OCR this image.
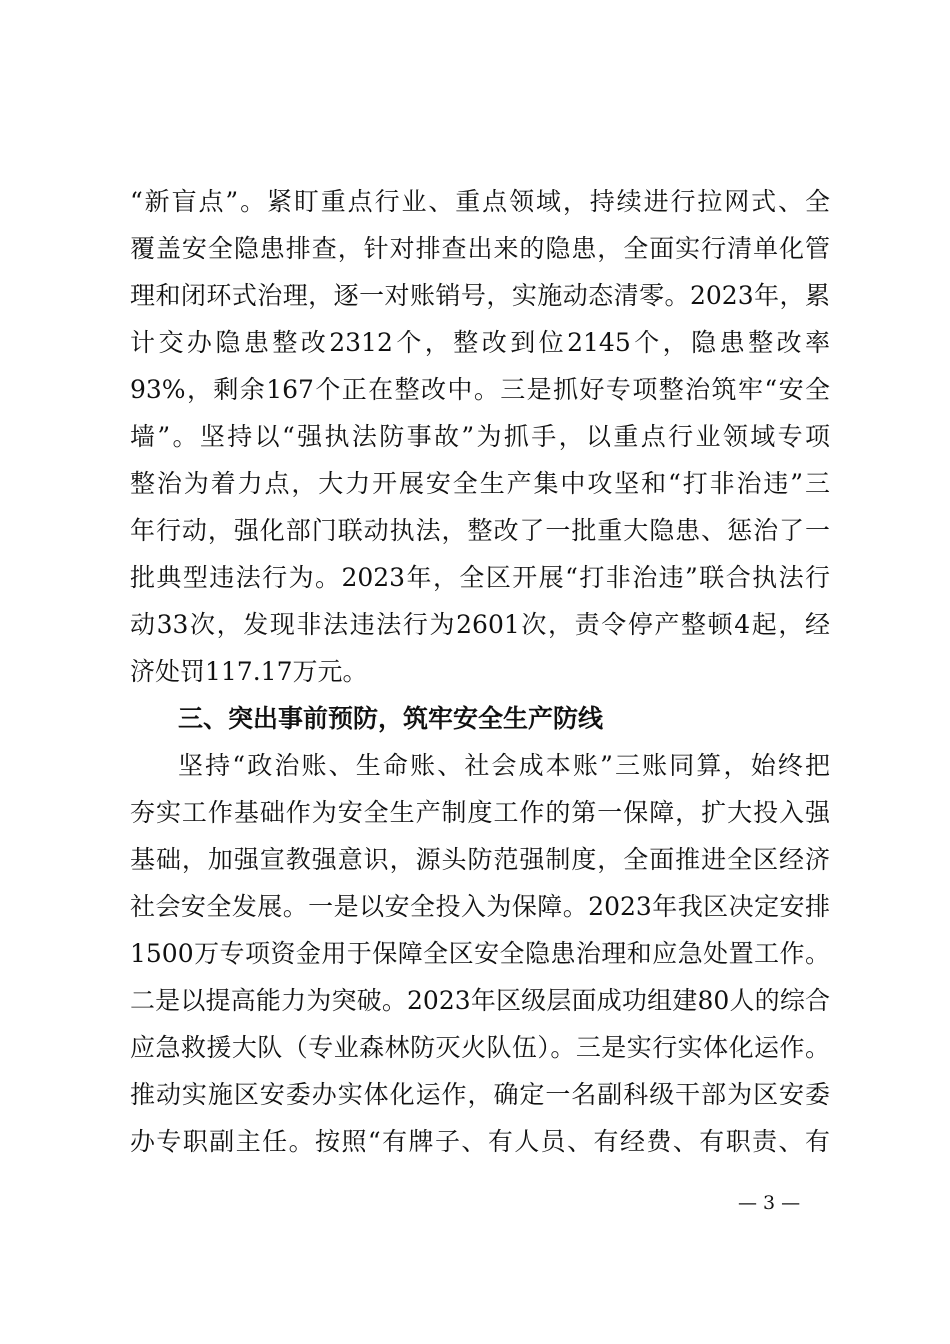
“新盲点”。紧盯重点行业、重点领域，持续进行拉网式、全
覆盖安全隐患排查，针对排查出来的隐患，全面实行清单化管
理和闭环式治理，逐一对账销号，实施动态清零。2023年，累
计交办隐患整改2312个，整改到位2145个，隐患整改率
93%，剩余167个正在整改中。三是抓好专项整治筑牢“安全
墙”。坚持以“强执法防事故”为抓手，以重点行业领域专项
整治为着力点，大力开展安全生产集中攻坚和“打非治违”三
年行动，强化部门联动执法，整改了一批重大隐患、惩治了一
批典型违法行为。2023年，全区开展“打非治违”联合执法行
动33次，发现非法违法行为2601次，责令停产整顿4起，经
济处罚117.17万元。
三、突出事前预防，筑牢安全生产防线
坚持“政治账、生命账、社会成本账”三账同算，始终把
夯实工作基础作为安全生产制度工作的第一保障，扩大投入强
基础，加强宣教强意识，源头防范强制度，全面推进全区经济
社会安全发展。一是以安全投入为保障。2023年我区决定安排
1500万专项资金用于保障全区安全隐患治理和应急处置工作。
二是以提高能力为突破。2023年区级层面成功组建80人的综合
应急救援大队（专业森林防灭火队伍）。三是实行实体化运作。
推动实施区安委办实体化运作，确定一名副科级干部为区安委
办专职副主任。按照“有牌子、有人员、有经费、有职责、有
— 3 —
